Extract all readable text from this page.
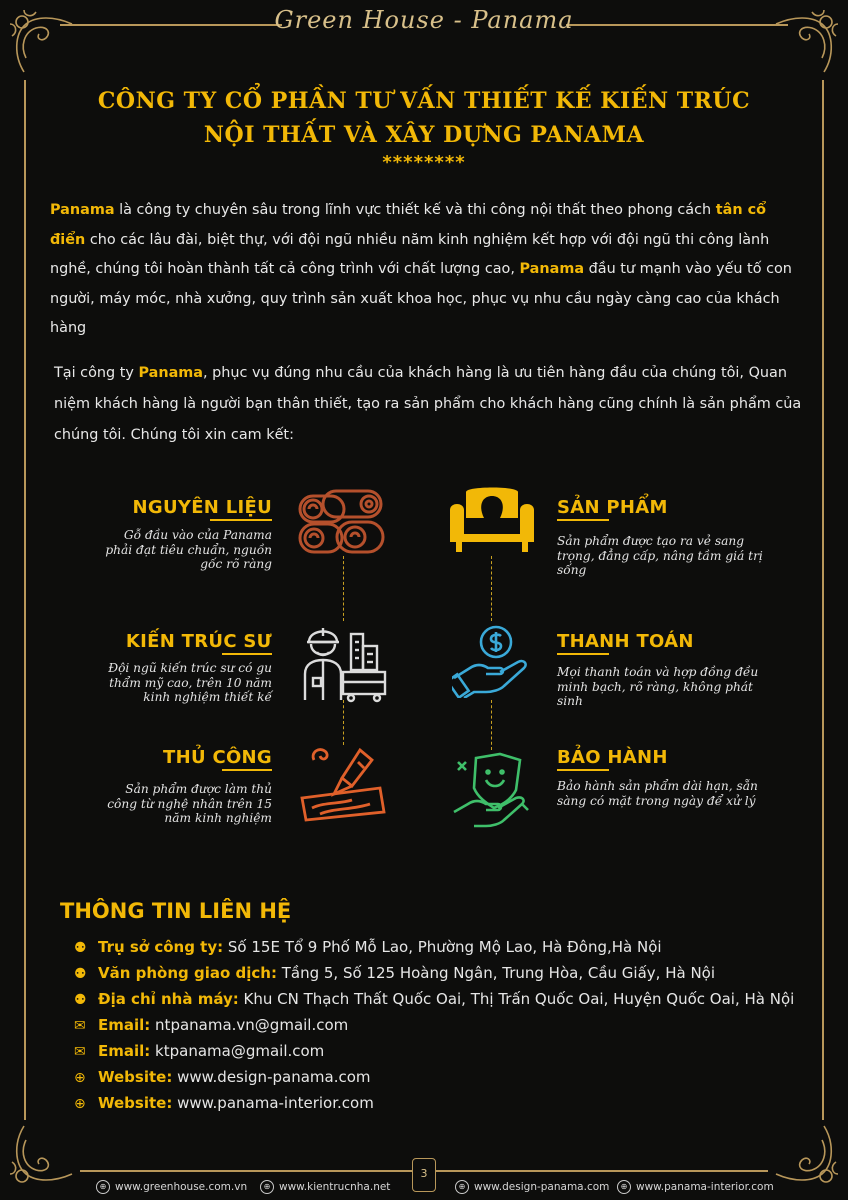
Green House - Panama
CÔNG TY CỔ PHẦN TƯ VẤN THIẾT KẾ KIẾN TRÚC
NỘI THẤT VÀ XÂY DỰNG PANAMA
********
Panama là công ty chuyên sâu trong lĩnh vực thiết kế và thi công nội thất theo phong cách tân cổ điển cho các lâu đài, biệt thự, với đội ngũ nhiều năm kinh nghiệm kết hợp với đội ngũ thi công lành nghề, chúng tôi hoàn thành tất cả công trình với chất lượng cao, Panama đầu tư mạnh vào yếu tố con người, máy móc, nhà xưởng, quy trình sản xuất khoa học, phục vụ nhu cầu ngày càng cao của khách hàng
Tại công ty Panama, phục vụ đúng nhu cầu của khách hàng là ưu tiên hàng đầu của chúng tôi, Quan niệm khách hàng là người bạn thân thiết, tạo ra sản phẩm cho khách hàng cũng chính là sản phẩm của chúng tôi. Chúng tôi xin cam kết:
NGUYÊN LIỆU
Gỗ đầu vào của Panama phải đạt tiêu chuẩn, nguồn gốc rõ ràng
SẢN PHẨM
Sản phẩm được tạo ra vẻ sang trọng, đẳng cấp, nâng tầm giá trị sống
KIẾN TRÚC SƯ
Đội ngũ kiến trúc sư có gu thẩm mỹ cao, trên 10 năm kinh nghiệm thiết kế
THANH TOÁN
Mọi thanh toán và hợp đồng đều minh bạch, rõ ràng, không phát sinh
THỦ CÔNG
Sản phẩm được làm thủ công từ nghệ nhân trên 15 năm kinh nghiệm
BẢO HÀNH
Bảo hành sản phẩm dài hạn, sẵn sàng có mặt trong ngày để xử lý
THÔNG TIN LIÊN HỆ
⚉ Trụ sở công ty: Số 15E Tổ 9 Phố Mỗ Lao, Phường Mộ Lao, Hà Đông,Hà Nội
⚉ Văn phòng giao dịch: Tầng 5, Số 125 Hoàng Ngân, Trung Hòa, Cầu Giấy, Hà Nội
⚉ Địa chỉ nhà máy: Khu CN Thạch Thất Quốc Oai, Thị Trấn Quốc Oai, Huyện Quốc Oai, Hà Nội
✉ Email: ntpanama.vn@gmail.com
✉ Email: ktpanama@gmail.com
⊕ Website: www.design-panama.com
⊕ Website: www.panama-interior.com
⊕ www.greenhouse.com.vn	⊕ www.kientrucnha.net	⊕ www.design-panama.com	⊕ www.panama-interior.com
3
